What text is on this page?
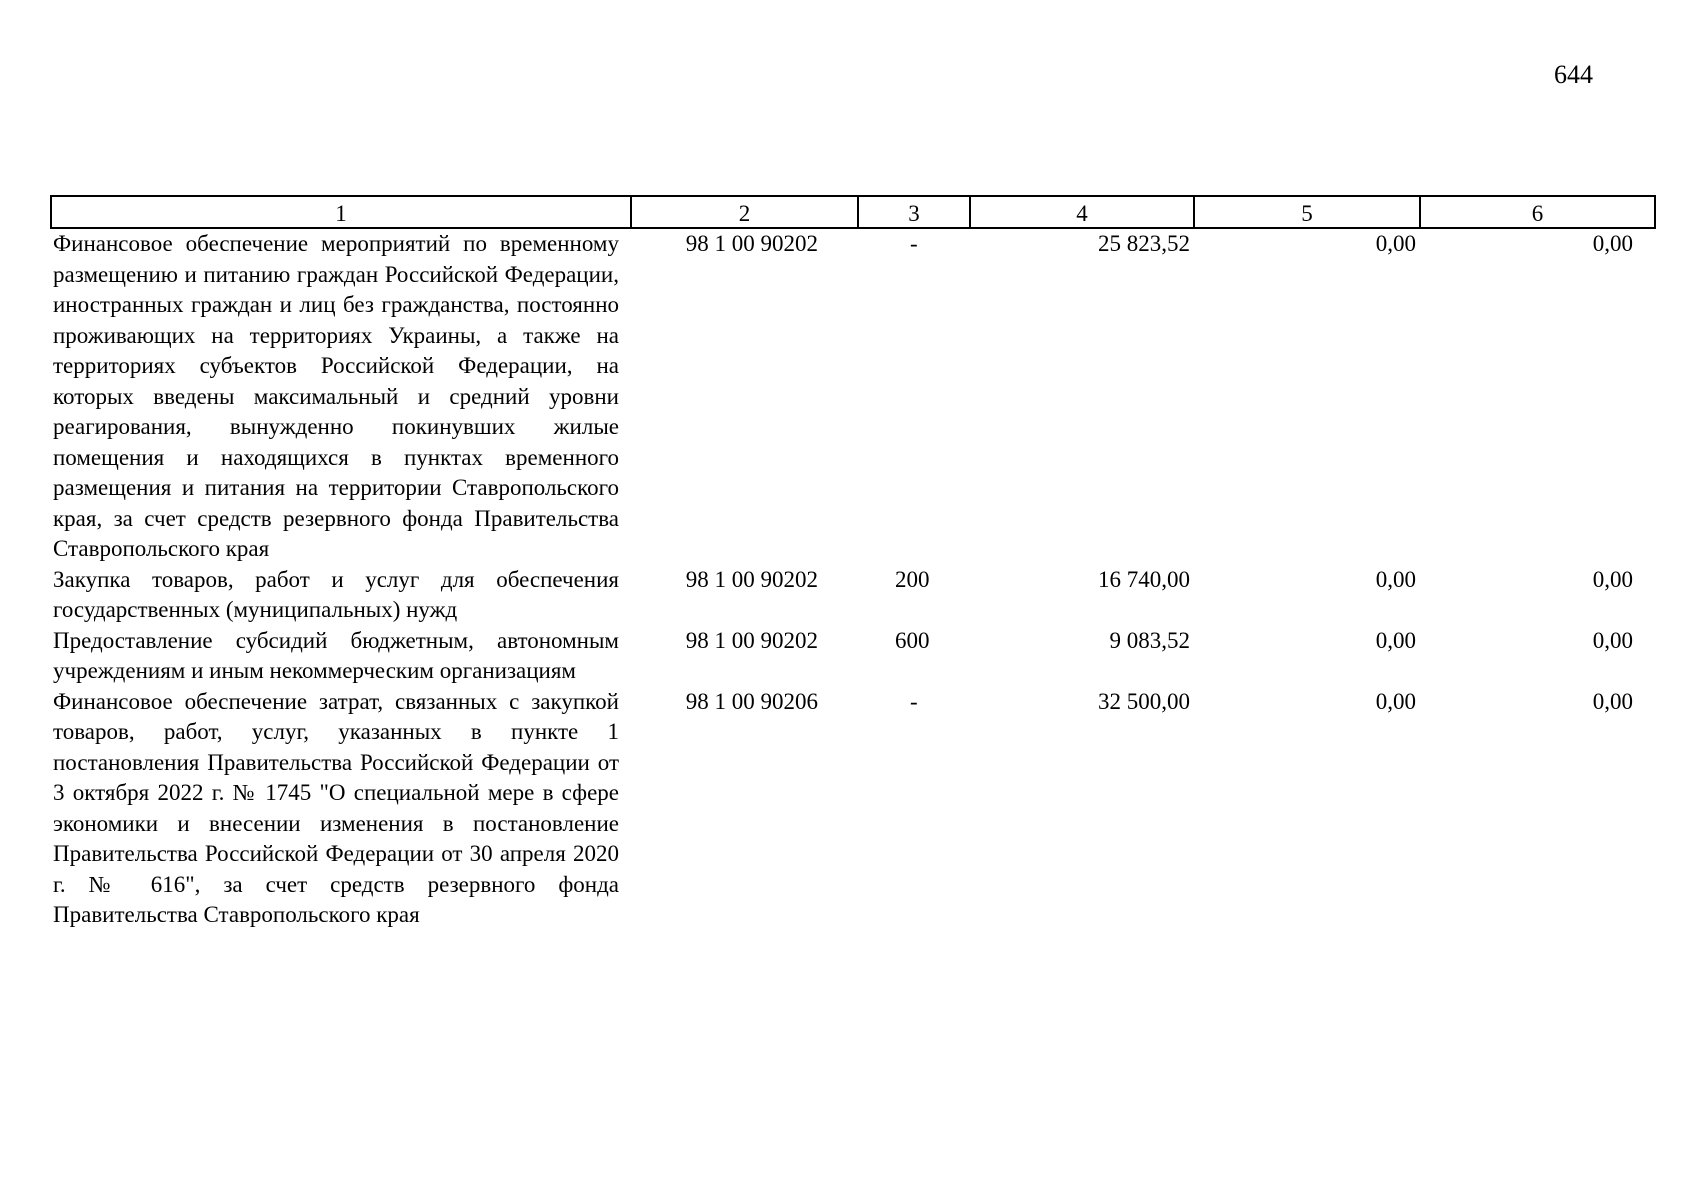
644
1	2	3	4	5	6
Финансовое обеспечение мероприятий по временному размещению и питанию граждан Российской Федерации, иностранных граждан и лиц без гражданства, постоянно проживающих на территориях Украины, а также на территориях субъектов Российской Федерации, на которых введены максимальный и средний уровни реагирования, вынужденно покинувших жилые помещения и находящихся в пунктах временного размещения и питания на территории Ставропольского края, за счет средств резервного фонда Правительства Ставропольского края	98 1 00 90202	-	25 823,52	0,00	0,00
Закупка товаров, работ и услуг для обеспечения государственных (муниципальных) нужд	98 1 00 90202	200	16 740,00	0,00	0,00
Предоставление субсидий бюджетным, автономным учреждениям и иным некоммерческим организациям	98 1 00 90202	600	9 083,52	0,00	0,00
Финансовое обеспечение затрат, связанных с закупкой товаров, работ, услуг, указанных в пункте 1 постановления Правительства Российской Федерации от 3 октября 2022 г. № 1745 "О специальной мере в сфере экономики и внесении изменения в постановление Правительства Российской Федерации от 30 апреля 2020 г. № 616", за счет средств резервного фонда Правительства Ставропольского края	98 1 00 90206	-	32 500,00	0,00	0,00
